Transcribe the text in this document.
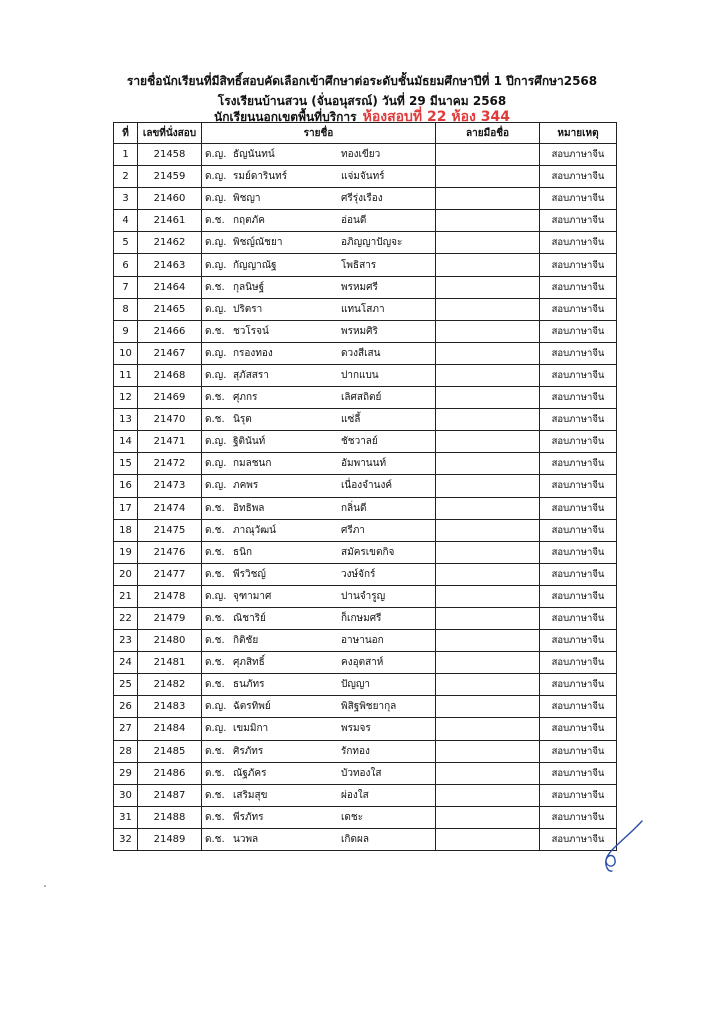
รายชื่อนักเรียนที่มีสิทธิ์สอบคัดเลือกเข้าศึกษาต่อระดับชั้นมัธยมศึกษาปีที่ 1 ปีการศึกษา2568
โรงเรียนบ้านสวน (จั่นอนุสรณ์) วันที่ 29 มีนาคม 2568
นักเรียนนอกเขตพื้นที่บริการ ห้องสอบที่ 22 ห้อง 344
ที่	เลขที่นั่งสอบ	รายชื่อ	ลายมือชื่อ	หมายเหตุ
1	21458	ด.ญ. ธัญนันทน์ ทองเขียว		สอบภาษาจีน
2	21459	ด.ญ. รมย์ดารินทร์ แจ่มจันทร์		สอบภาษาจีน
3	21460	ด.ญ. พิชญา ศรีรุ่งเรือง		สอบภาษาจีน
4	21461	ด.ช. กฤตภัค อ่อนดี		สอบภาษาจีน
5	21462	ด.ญ. พิชญ์ณัชยา อภิญญาปัญจะ		สอบภาษาจีน
6	21463	ด.ญ. กัญญาณัฐ โพธิสาร		สอบภาษาจีน
7	21464	ด.ช. กุลนิษฐ์ พรหมศรี		สอบภาษาจีน
8	21465	ด.ญ. ปริตรา แทนโสภา		สอบภาษาจีน
9	21466	ด.ช. ชวโรจน์ พรหมศิริ		สอบภาษาจีน
10	21467	ด.ญ. กรองทอง ดวงสีเสน		สอบภาษาจีน
11	21468	ด.ญ. สุภัสสรา ปากแบน		สอบภาษาจีน
12	21469	ด.ช. ศุภกร เลิศสถิตย์		สอบภาษาจีน
13	21470	ด.ช. นิรุต แซ่ลี้		สอบภาษาจีน
14	21471	ด.ญ. ฐิตินันท์ ชัชวาลย์		สอบภาษาจีน
15	21472	ด.ญ. กมลชนก อัมพานนท์		สอบภาษาจีน
16	21473	ด.ญ. ภคพร เนื่องจำนงค์		สอบภาษาจีน
17	21474	ด.ช. อิทธิพล กลิ่นดี		สอบภาษาจีน
18	21475	ด.ช. ภาณุวัฒน์ ศรีภา		สอบภาษาจีน
19	21476	ด.ช. ธนิก สมัครเขตกิจ		สอบภาษาจีน
20	21477	ด.ช. พีรวิชญ์ วงษ์จักร์		สอบภาษาจีน
21	21478	ด.ญ. จุฑามาศ ปานจำรูญ		สอบภาษาจีน
22	21479	ด.ช. ณิชาริย์ ก็เกษมศรี		สอบภาษาจีน
23	21480	ด.ช. กิติชัย อาษานอก		สอบภาษาจีน
24	21481	ด.ช. ศุภสิทธิ์ คงอุตสาห์		สอบภาษาจีน
25	21482	ด.ช. ธนภัทร ปัญญา		สอบภาษาจีน
26	21483	ด.ญ. ฉัตรทิพย์ พิสิฐพิชยากุล		สอบภาษาจีน
27	21484	ด.ญ. เขมมิกา พรมจร		สอบภาษาจีน
28	21485	ด.ช. ศิรภัทร รักทอง		สอบภาษาจีน
29	21486	ด.ช. ณัฐภัคร บัวทองใส		สอบภาษาจีน
30	21487	ด.ช. เสริมสุข ผ่องใส		สอบภาษาจีน
31	21488	ด.ช. พีรภัทร เดชะ		สอบภาษาจีน
32	21489	ด.ช. นวพล เกิดผล		สอบภาษาจีน
